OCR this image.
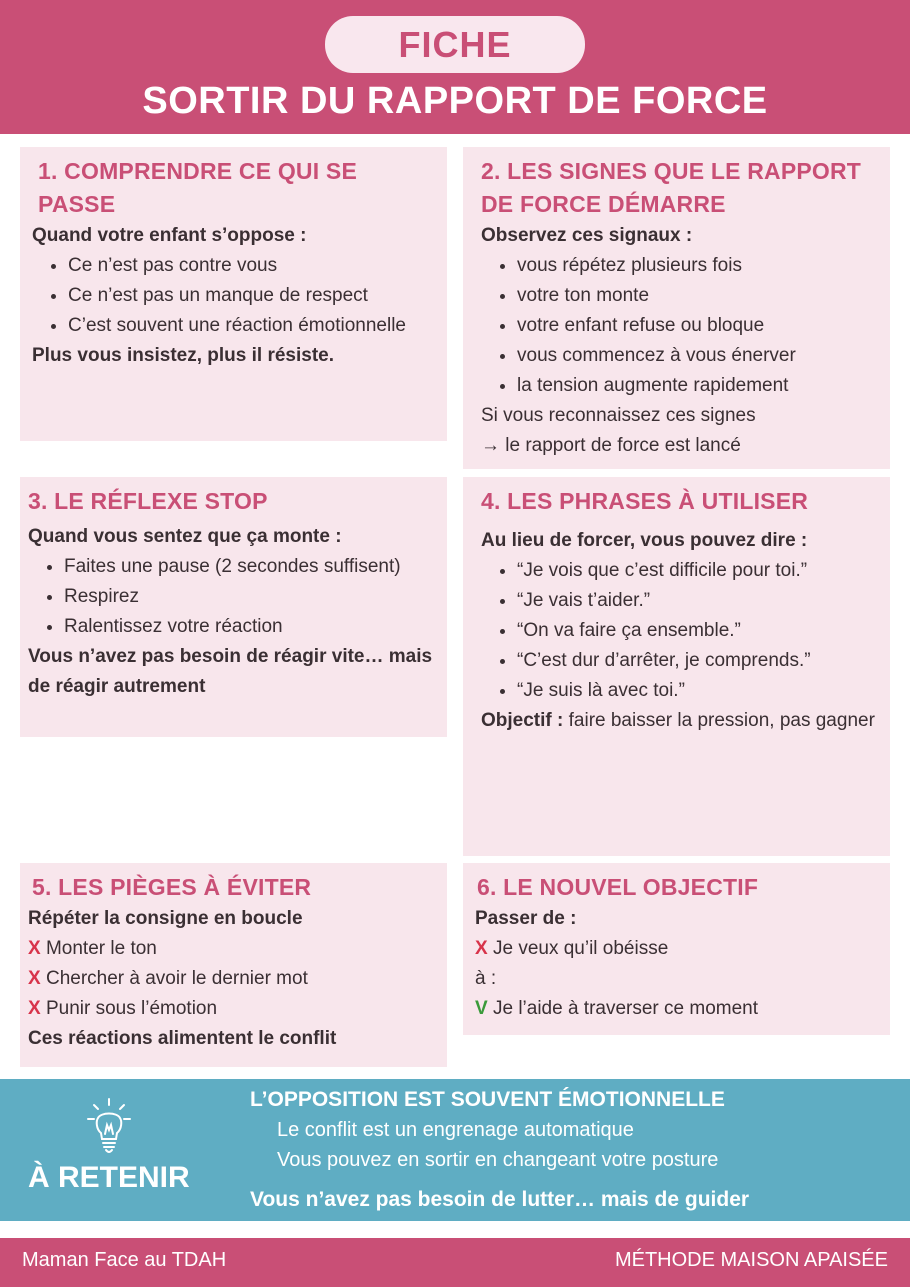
FICHE
SORTIR DU RAPPORT DE FORCE
1. COMPRENDRE CE QUI SE PASSE

Quand votre enfant s’oppose :

• Ce n’est pas contre vous
• Ce n’est pas un manque de respect
• C’est souvent une réaction émotionnelle

Plus vous insistez, plus il résiste.

2. LES SIGNES QUE LE RAPPORT DE FORCE DÉMARRE

Observez ces signaux :

• vous répétez plusieurs fois
• votre ton monte
• votre enfant refuse ou bloque
• vous commencez à vous énerver
• la tension augmente rapidement

Si vous reconnaissez ces signes

→ le rapport de force est lancé

3. LE RÉFLEXE STOP

Quand vous sentez que ça monte :

• Faites une pause (2 secondes suffisent)
• Respirez
• Ralentissez votre réaction

Vous n’avez pas besoin de réagir vite… mais de réagir autrement

4. LES PHRASES À UTILISER

Au lieu de forcer, vous pouvez dire :

• “Je vois que c’est difficile pour toi.”
• “Je vais t’aider.”
• “On va faire ça ensemble.”
• “C’est dur d’arrêter, je comprends.”
• “Je suis là avec toi.”

Objectif : faire baisser la pression, pas gagner

5. LES PIÈGES À ÉVITER

Répéter la consigne en boucle

X Monter le ton

X Chercher à avoir le dernier mot

X Punir sous l’émotion

Ces réactions alimentent le conflit

6. LE NOUVEL OBJECTIF

Passer de :

X Je veux qu’il obéisse

à :

V Je l’aide à traverser ce moment

À RETENIR
L’OPPOSITION EST SOUVENT ÉMOTIONNELLE
Le conflit est un engrenage automatique
Vous pouvez en sortir en changeant votre posture
Vous n’avez pas besoin de lutter… mais de guider
Maman Face au TDAH	MÉTHODE MAISON APAISÉE
